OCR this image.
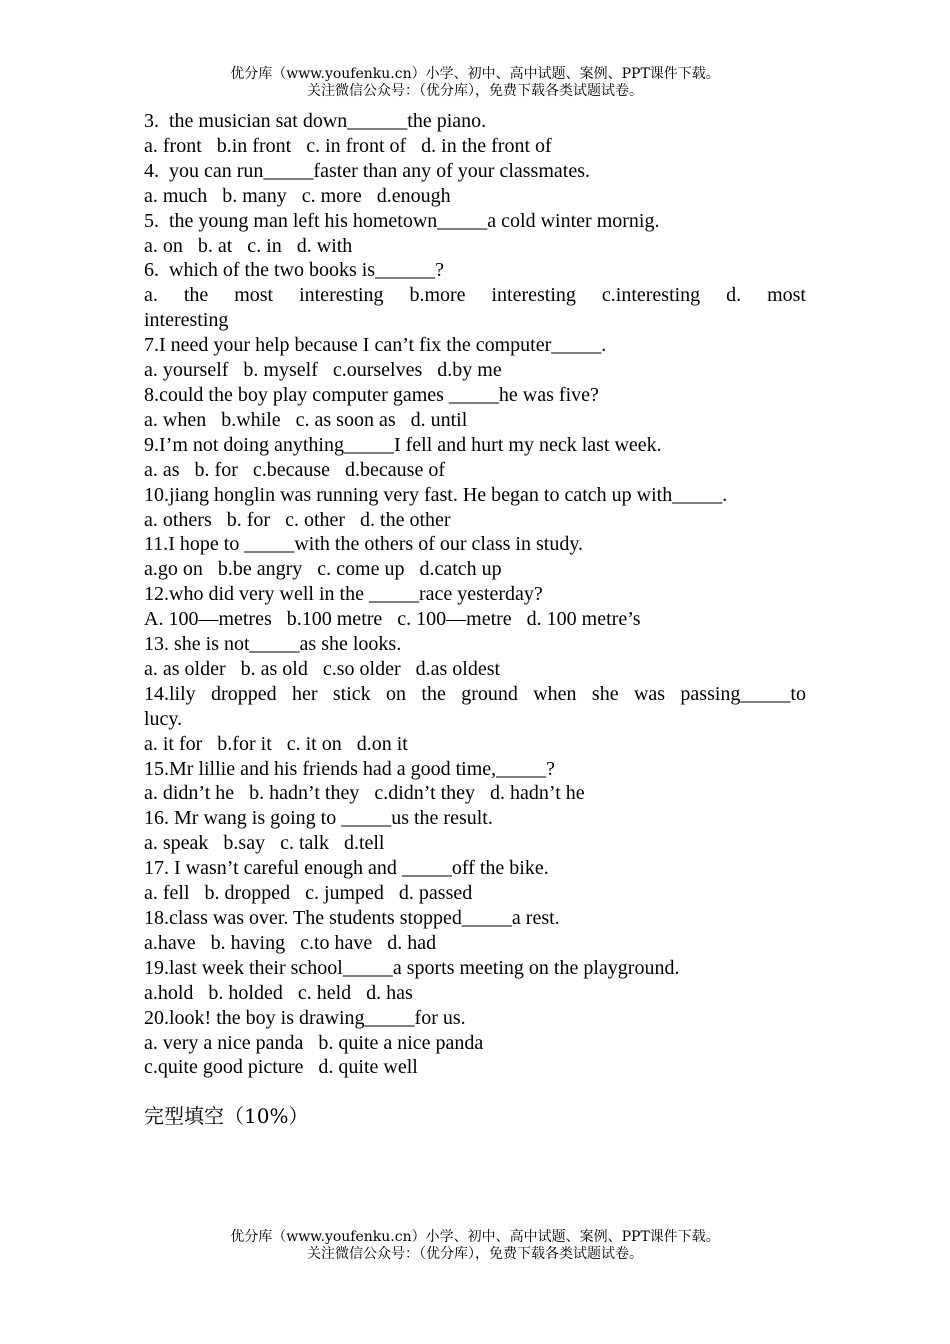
优分库（www.youfenku.cn）小学、初中、高中试题、案例、PPT课件下载。
关注微信公众号：（优分库），免费下载各类试题试卷。
3.  the musician sat down______the piano.
a. front   b.in front   c. in front of   d. in the front of
4.  you can run_____faster than any of your classmates.
a. much   b. many   c. more   d.enough
5.  the young man left his hometown_____a cold winter mornig.
a. on   b. at   c. in   d. with
6.  which of the two books is______?
a. the most interesting b.more interesting c.interesting d. most
interesting
7.I need your help because I can’t fix the computer_____.
a. yourself   b. myself   c.ourselves   d.by me
8.could the boy play computer games _____he was five?
a. when   b.while   c. as soon as   d. until
9.I’m not doing anything_____I fell and hurt my neck last week.
a. as   b. for   c.because   d.because of
10.jiang honglin was running very fast. He began to catch up with_____.
a. others   b. for   c. other   d. the other
11.I hope to _____with the others of our class in study.
a.go on   b.be angry   c. come up   d.catch up
12.who did very well in the _____race yesterday?
A. 100—metres   b.100 metre   c. 100—metre   d. 100 metre’s
13. she is not_____as she looks.
a. as older   b. as old   c.so older   d.as oldest
14.lily dropped her stick on the ground when she was passing_____to
lucy.
a. it for   b.for it   c. it on   d.on it
15.Mr lillie and his friends had a good time,_____?
a. didn’t he   b. hadn’t they   c.didn’t they   d. hadn’t he
16. Mr wang is going to _____us the result.
a. speak   b.say   c. talk   d.tell
17. I wasn’t careful enough and _____off the bike.
a. fell   b. dropped   c. jumped   d. passed
18.class was over. The students stopped_____a rest.
a.have   b. having   c.to have   d. had
19.last week their school_____a sports meeting on the playground.
a.hold   b. holded   c. held   d. has
20.look! the boy is drawing_____for us.
a. very a nice panda   b. quite a nice panda
c.quite good picture   d. quite well
完型填空（10%）
优分库（www.youfenku.cn）小学、初中、高中试题、案例、PPT课件下载。
关注微信公众号：（优分库），免费下载各类试题试卷。
